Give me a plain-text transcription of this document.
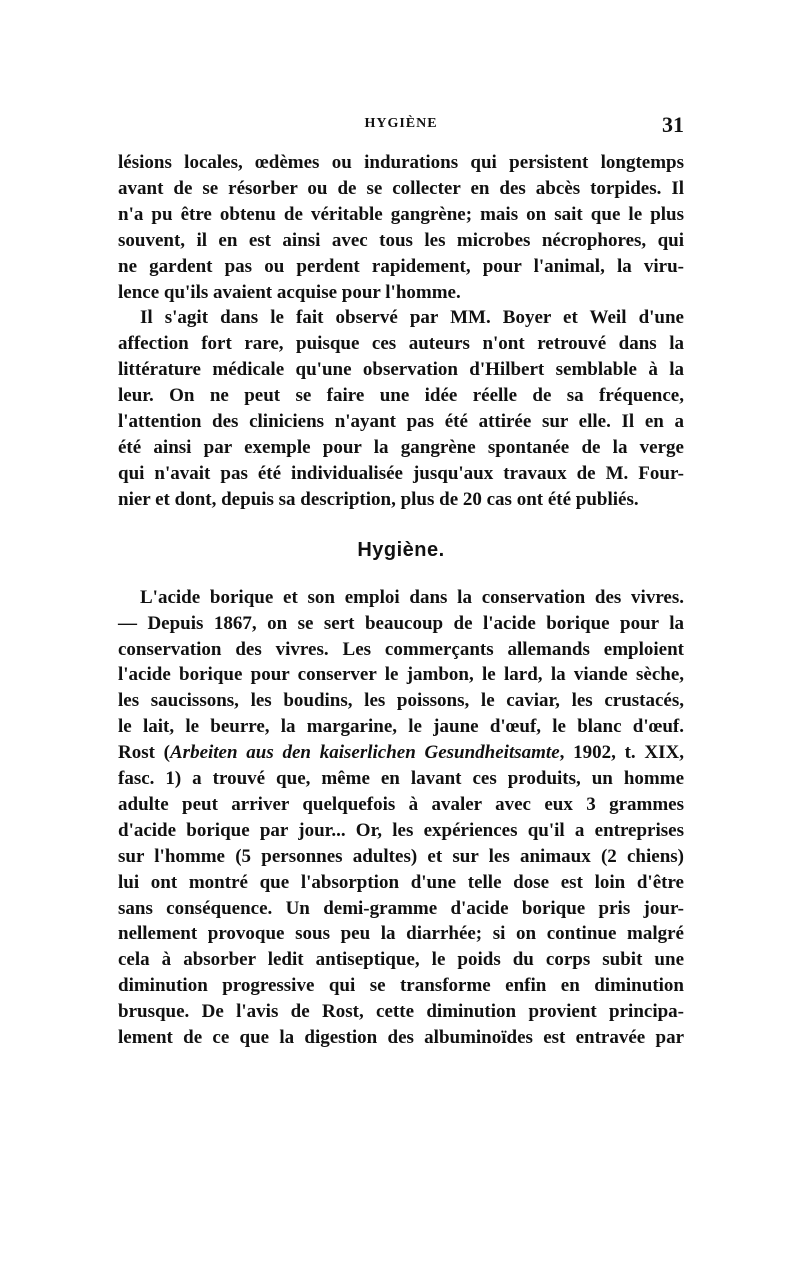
HYGIÈNE	31

lésions locales, œdèmes ou indurations qui persistent longtemps
avant de se résorber ou de se collecter en des abcès torpides. Il
n'a pu être obtenu de véritable gangrène; mais on sait que le plus
souvent, il en est ainsi avec tous les microbes nécrophores, qui
ne gardent pas ou perdent rapidement, pour l'animal, la viru-
lence qu'ils avaient acquise pour l'homme.

Il s'agit dans le fait observé par MM. Boyer et Weil d'une
affection fort rare, puisque ces auteurs n'ont retrouvé dans la
littérature médicale qu'une observation d'Hilbert semblable à la
leur. On ne peut se faire une idée réelle de sa fréquence,
l'attention des cliniciens n'ayant pas été attirée sur elle. Il en a
été ainsi par exemple pour la gangrène spontanée de la verge
qui n'avait pas été individualisée jusqu'aux travaux de M. Four-
nier et dont, depuis sa description, plus de 20 cas ont été publiés.

Hygiène.

L'acide borique et son emploi dans la conservation des vivres.
— Depuis 1867, on se sert beaucoup de l'acide borique pour la
conservation des vivres. Les commerçants allemands emploient
l'acide borique pour conserver le jambon, le lard, la viande sèche,
les saucissons, les boudins, les poissons, le caviar, les crustacés,
le lait, le beurre, la margarine, le jaune d'œuf, le blanc d'œuf.
Rost (Arbeiten aus den kaiserlichen Gesundheitsamte, 1902, t. XIX,
fasc. 1) a trouvé que, même en lavant ces produits, un homme
adulte peut arriver quelquefois à avaler avec eux 3 grammes
d'acide borique par jour... Or, les expériences qu'il a entreprises
sur l'homme (5 personnes adultes) et sur les animaux (2 chiens)
lui ont montré que l'absorption d'une telle dose est loin d'être
sans conséquence. Un demi-gramme d'acide borique pris jour-
nellement provoque sous peu la diarrhée; si on continue malgré
cela à absorber ledit antiseptique, le poids du corps subit une
diminution progressive qui se transforme enfin en diminution
brusque. De l'avis de Rost, cette diminution provient principa-
lement de ce que la digestion des albuminoïdes est entravée par
